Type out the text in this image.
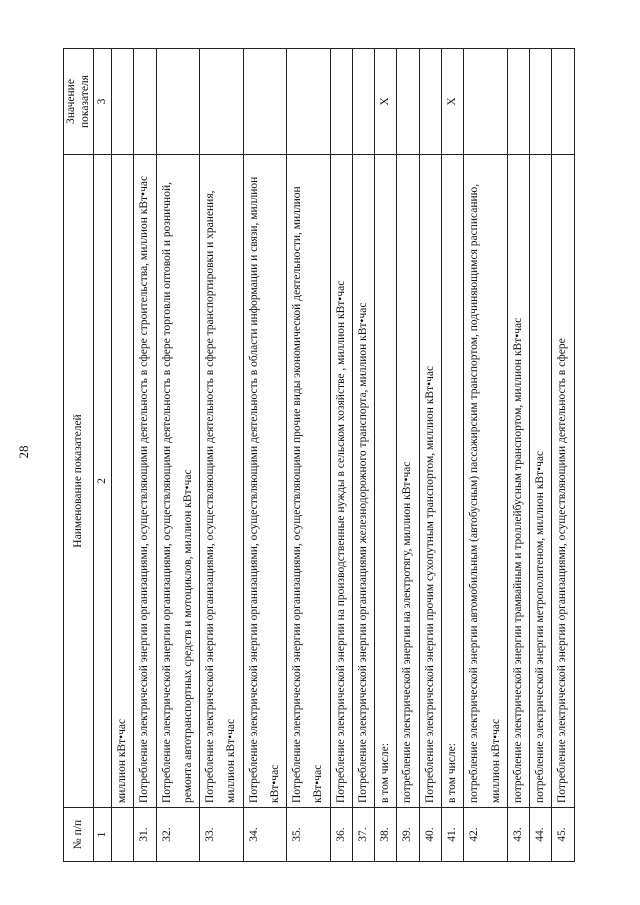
28
№ п/п	Наименование показателей	Значение показателя
1	2	3
	миллион кВт•час	
31.	Потребление электрической энергии организациями, осуществляющими деятельность в сфере строительства, миллион кВт•час	
32.	Потребление электрической энергии организациями, осуществляющими деятельность в сфере торговли оптовой и розничной, ремонта автотранспортных средств и мотоциклов, миллион кВт•час	
33.	Потребление электрической энергии организациями, осуществляющими деятельность в сфере транспортировки и хранения, миллион кВт•час	
34.	Потребление электрической энергии организациями, осуществляющими деятельность в области информации и связи, миллион кВт•час	
35.	Потребление электрической энергии организациями, осуществляющими прочие виды экономической деятельности, миллион кВт•час	
36.	Потребление электрической энергии на производственные нужды в сельском хозяйстве , миллион кВт•час	
37.	Потребление электрической энергии организациями железнодорожного транспорта, миллион кВт•час	
38.	в том числе:	Х
39.	потребление электрической энергии на электротягу, миллион кВт•час	
40.	Потребление электрической энергии прочим сухопутным транспортом, миллион кВт•час	
41.	в том числе:	Х
42.	потребление электрической энергии автомобильным (автобусным) пассажирским транспортом, подчиняющимся расписанию, миллион кВт•час	
43.	потребление электрической энергии трамвайным и троллейбусным транспортом, миллион кВт•час	
44.	потребление электрической энергии метрополитеном, миллион кВт•час	
45.	Потребление электрической энергии организациями, осуществляющими деятельность в сфере	
